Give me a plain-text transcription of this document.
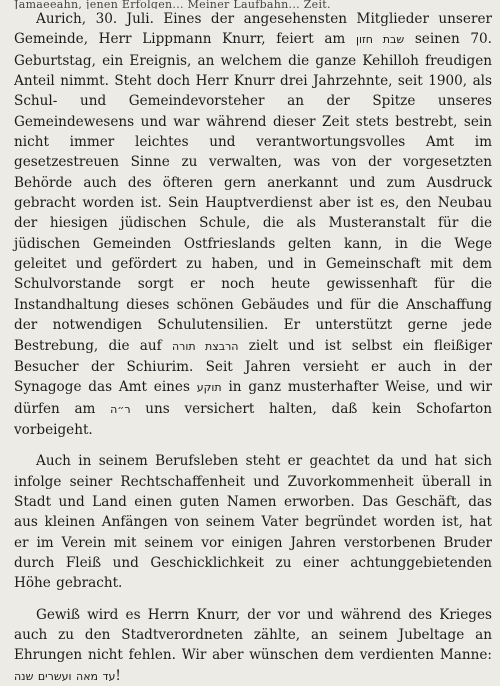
Jamaeeahn, jenen Erfolgen... Meiner Laufbahn... Zeit.

Aurich, 30. Juli. Eines der angesehensten Mitglieder unserer Gemeinde, Herr Lippmann Knurr, feiert am שבת חזון seinen 70. Geburtstag, ein Ereignis, an welchem die ganze Kehilloh freudigen Anteil nimmt. Steht doch Herr Knurr drei Jahrzehnte, seit 1900, als Schul- und Gemeindevorsteher an der Spitze unseres Gemeindewesens und war während dieser Zeit stets bestrebt, sein nicht immer leichtes und verantwortungsvolles Amt im gesetzestreuen Sinne zu verwalten, was von der vorgesetzten Behörde auch des öfteren gern anerkannt und zum Ausdruck gebracht worden ist. Sein Hauptverdienst aber ist es, den Neubau der hiesigen jüdischen Schule, die als Musteranstalt für die jüdischen Gemeinden Ostfrieslands gelten kann, in die Wege geleitet und gefördert zu haben, und in Gemeinschaft mit dem Schulvorstande sorgt er noch heute gewissenhaft für die Instandhaltung dieses schönen Gebäudes und für die Anschaffung der notwendigen Schulutensilien. Er unterstützt gerne jede Bestrebung, die auf הרבצת תורה zielt und ist selbst ein fleißiger Besucher der Schiurim. Seit Jahren versieht er auch in der Synagoge das Amt eines תוקע in ganz musterhafter Weise, und wir dürfen am ר״ה uns versichert halten, daß kein Schofarton vorbeigeht.

Auch in seinem Berufsleben steht er geachtet da und hat sich infolge seiner Rechtschaffenheit und Zuvorkommenheit überall in Stadt und Land einen guten Namen erworben. Das Geschäft, das aus kleinen Anfängen von seinem Vater begründet worden ist, hat er im Verein mit seinem vor einigen Jahren verstorbenen Bruder durch Fleiß und Geschicklichkeit zu einer achtunggebietenden Höhe gebracht.

Gewiß wird es Herrn Knurr, der vor und während des Krieges auch zu den Stadtverordneten zählte, an seinem Jubeltage an Ehrungen nicht fehlen. Wir aber wünschen dem verdienten Manne: עד מאה ועשרים שנה!
